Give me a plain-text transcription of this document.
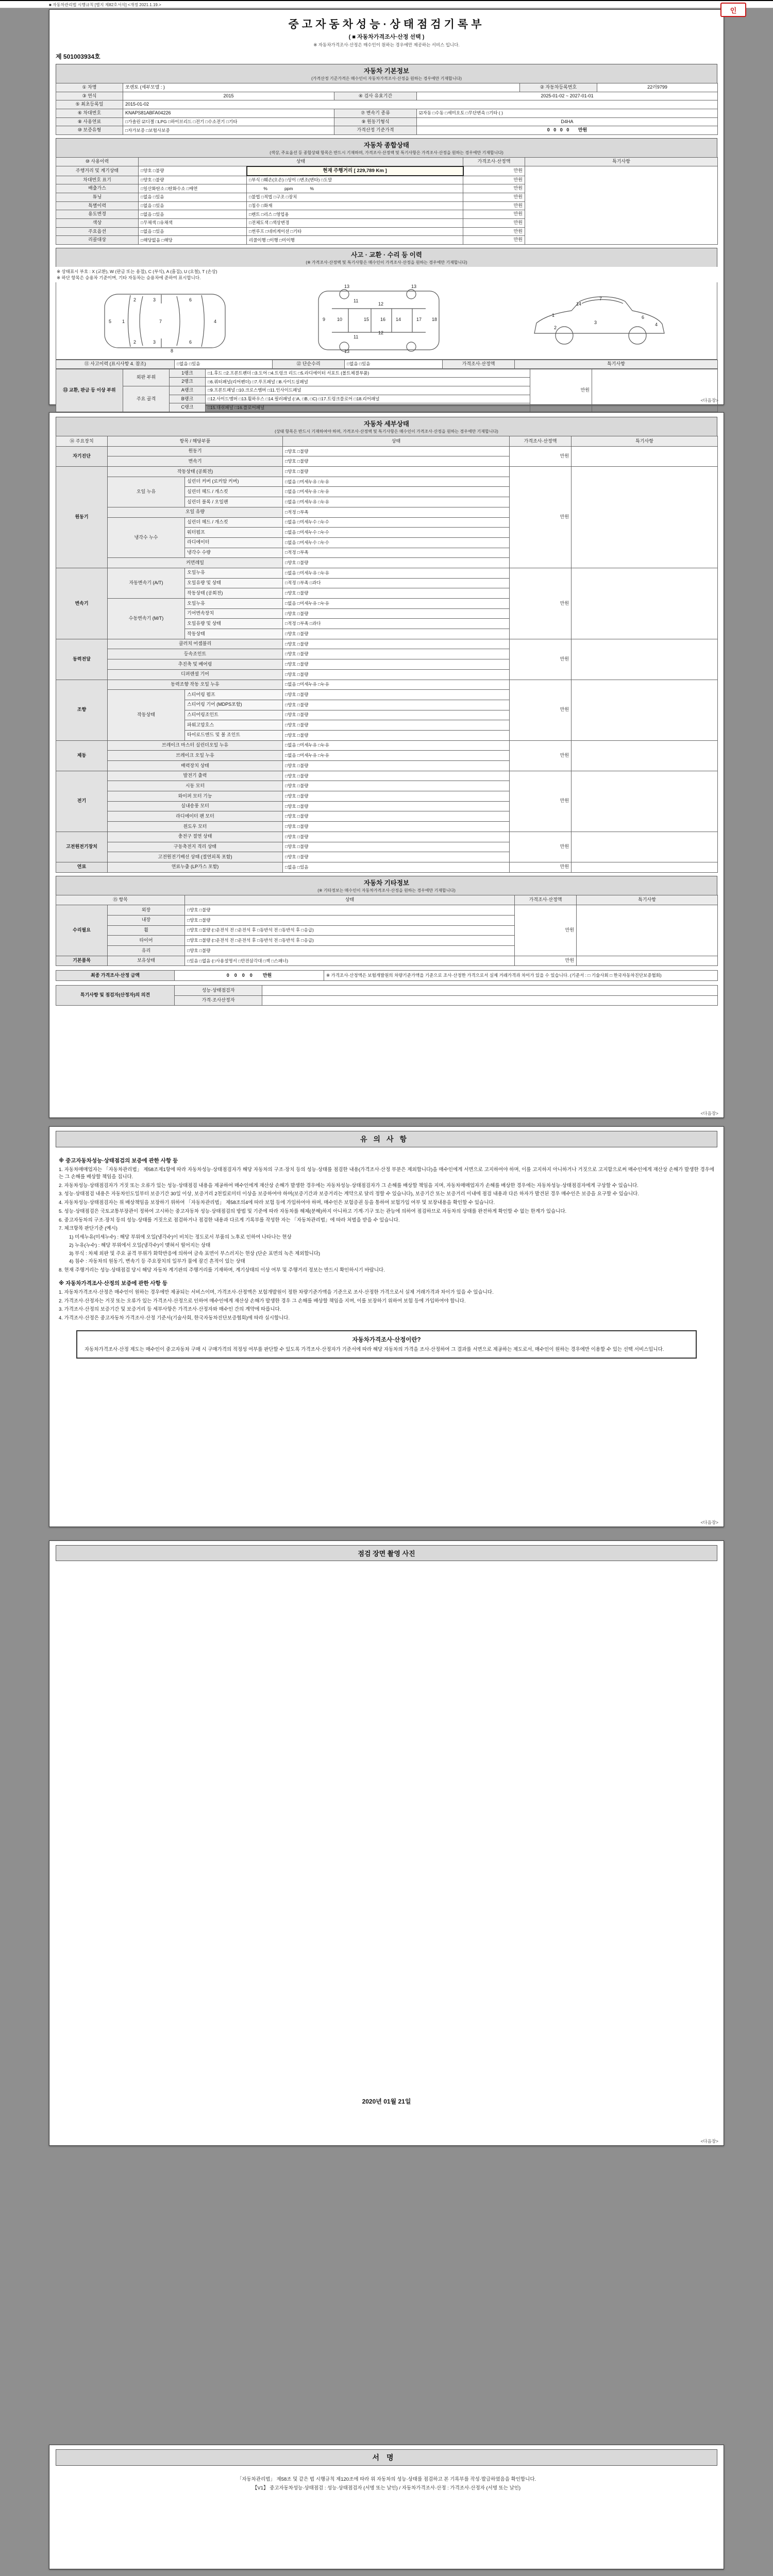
■ 자동차관리법 시행규칙 [별지 제82호서식] <개정 2021.1.19.>
인
중고자동차성능·상태점검기록부
( ■ 자동차가격조사·산정 선택 )
※ 자동차가격조사·산정은 매수인이 원하는 경우에만 제공하는 서비스 입니다.
제 501003934호
자동차 기본정보
(가격산정 기준가격은 매수인이 자동차가격조사·산정을 원하는 경우에만 기재합니다)
① 차명	쏘렌토 (세부모델 : )			② 자동차등록번호	22러9799
③ 연식	2015	④ 검사 유효기간	2025-01-02 ~ 2027-01-01		
⑤ 최초등록일	2015-01-02				
⑥ 차대번호	KNAPS81ABFA04226	⑦ 변속기 종류	☑자동 □수동 □세미오토 □무단변속 □기타 ( )		
⑧ 사용연료	□가솔린 ☑디젤 □LPG □하이브리드 □전기 □수소전기 □기타	⑨ 원동기형식	D4HA		
⑩ 보증유형	□자가보증 □보험사보증	가격산정 기준가격	0   0   0   0       만원		
자동차 종합상태
(색상, 주요옵션 등 종합상태 항목은 반드시 기재하며, 가격조사·산정액 및 특기사항은 가격조사·산정을 원하는 경우에만 기재합니다)
⑩ 사용이력	상태		가격조사·산정액	특기사항
주행거리 및 계기상태	□양호 □불량	현재 주행거리 [ 229,789 Km ]	만원	
차대번호 표기	□양호 □불량	□부식 □훼손(오손) □상이 □변조(변타) □도말	만원	
배출가스	□일산화탄소 □탄화수소 □매연	%              ppm              %	만원	
튜닝	□없음 □있음	□불법 □적법 □구조 □장치	만원	
특별이력	□없음 □있음	□침수 □화재	만원	
용도변경	□없음 □있음	□렌트 □리스 □영업용	만원	
색상	□무채색 □유채색	□전체도색 □색상변경	만원	
주요옵션	□없음 □있음	□썬루프 □네비게이션 □기타	만원	
리콜대상	□해당없음 □해당	리콜이행 □이행 □미이행	만원	
사고 · 교환 · 수리 등 이력
(※ 가격조사·산정액 및 특기사항은 매수인이 가격조사·산정을 원하는 경우에만 기재합니다)
※ 상태표시 부호 : X (교환), W (판금 또는 용접), C (부식), A (흠집), U (요철), T (손상)
※ 하단 항목은 승용차 기준이며, 기타 자동차는 승용차에 준하여 표시합니다.
5 1
2
2
3
3
7
6
6
8
4	9	10
11
11
15 16
13
13
13
12
12
14	17 18
1
14
7
3
6
2
4
⑪ 사고이력 (표시사항 4. 참조)	□없음 □있음	⑫ 단순수리	□없음 □있음	가격조사·산정액	특기사항
⑬ 교환, 판금 등 이상 부위	외판 부위	1랭크	□1.후드 □2.프론트펜더 □3.도어 □4.트렁크 리드 □5.라디에이터 서포트 (볼트체결부품)	만원	
		2랭크	□6.쿼터패널(리어펜더) □7.루프패널 □8.사이드실패널		
	주요 골격	A랭크	□9.프론트패널 □10.크로스멤버 □11.인사이드패널		
		B랭크	□12.사이드멤버 □13.휠하우스 □14.필러패널 (□A, □B, □C) □17.트렁크플로어 □18.리어패널		
		C랭크	□15.대쉬패널 □16.플로어패널		
<다음장>
자동차 세부상태
(상태 항목은 반드시 기재하여야 하며, 가격조사·산정액 및 특기사항은 매수인이 가격조사·산정을 원하는 경우에만 기재합니다)
⑭ 주요장치	항목 / 해당부품		상태	가격조사·산정액	특기사항
자기진단	원동기		□양호 □불량	만원	
	변속기		□양호 □불량		
원동기	작동상태 (공회전)		□양호 □불량	만원	
	오일 누유	실린더 커버 (로커암 커버)	□없음 □미세누유 □누유		
		실린더 헤드 / 개스킷	□없음 □미세누유 □누유		
		실린더 블록 / 오일팬	□없음 □미세누유 □누유		
	오일 유량		□적정 □부족		
	냉각수 누수	실린더 헤드 / 개스킷	□없음 □미세누수 □누수		
		워터펌프	□없음 □미세누수 □누수		
		라디에이터	□없음 □미세누수 □누수		
		냉각수 수량	□적정 □부족		
	커먼레일		□양호 □불량		
변속기	자동변속기 (A/T)	오일누유	□없음 □미세누유 □누유	만원	
		오일유량 및 상태	□적정 □부족 □과다		
		작동상태 (공회전)	□양호 □불량		
	수동변속기 (M/T)	오일누유	□없음 □미세누유 □누유		
		기어변속장치	□양호 □불량		
		오일유량 및 상태	□적정 □부족 □과다		
		작동상태	□양호 □불량		
동력전달	클러치 어셈블리		□양호 □불량	만원	
	등속조인트		□양호 □불량		
	추진축 및 베어링		□양호 □불량		
	디퍼렌셜 기어		□양호 □불량		
조향	동력조향 작동 오일 누유		□없음 □미세누유 □누유	만원	
	작동상태	스티어링 펌프	□양호 □불량		
		스티어링 기어 (MDPS포함)	□양호 □불량		
		스티어링조인트	□양호 □불량		
		파워고압호스	□양호 □불량		
		타이로드엔드 및 볼 조인트	□양호 □불량		
제동	브레이크 마스터 실린더오일 누유		□없음 □미세누유 □누유	만원	
	브레이크 오일 누유		□없음 □미세누유 □누유		
	배력장치 상태		□양호 □불량		
전기	발전기 출력		□양호 □불량	만원	
	시동 모터		□양호 □불량		
	와이퍼 모터 기능		□양호 □불량		
	실내송풍 모터		□양호 □불량		
	라디에이터 팬 모터		□양호 □불량		
	윈도우 모터		□양호 □불량		
고전원전기장치	충전구 절연 상태		□양호 □불량	만원	
	구동축전지 격리 상태		□양호 □불량		
	고전원전기배선 상태 (절연피복 포함)		□양호 □불량		
연료	연료누출 (LP가스 포함)		□없음 □있음	만원	
자동차 기타정보
(※ 기타정보는 매수인이 자동차가격조사·산정을 원하는 경우에만 기재합니다)
⑮ 항목		상태	가격조사·산정액	특기사항
수리필요	외장	□양호 □불량	만원	
	내장	□양호 □불량		
	휠	□양호 □불량 (□운전석 전 □운전석 후 □동반석 전 □동반석 후 □응급)		
	타이어	□양호 □불량 (□운전석 전 □운전석 후 □동반석 전 □동반석 후 □응급)		
	유리	□양호 □불량		
기본품목	보유상태	□있음 □없음 (□사용설명서 □안전삼각대 □잭 □스패너)	만원	
최종 가격조사·산정 금액	0    0    0    0        만원	※ 가격조사·산정액은 보험개발원의 차량기준가액을 기준으로 조사·산정한 가격으로서 실제 거래가격과 차이가 있을 수 있습니다. (기준서 : □ 기술사회 □ 한국자동차진단보증협회)
특기사항 및 점검자(산정자)의 의견	성능·상태점검자	
	가격·조사산정자	
<다음장>
유의사항
※ 중고자동차성능·상태점검의 보증에 관한 사항 등
1. 자동차매매업자는 「자동차관리법」 제58조제1항에 따라 자동차성능·상태점검자가 해당 자동차의 구조·장치 등의 성능·상태를 점검한 내용(가격조사·산정 부분은 제외합니다)을 매수인에게 서면으로 고지하여야 하며, 이를 고지하지 아니하거나 거짓으로 고지함으로써 매수인에게 재산상 손해가 발생한 경우에는 그 손해를 배상할 책임을 집니다.
2. 자동차성능·상태점검자가 거짓 또는 오류가 있는 성능·상태점검 내용을 제공하여 매수인에게 재산상 손해가 발생한 경우에는 자동차성능·상태점검자가 그 손해를 배상할 책임을 지며, 자동차매매업자가 손해를 배상한 경우에는 자동차성능·상태점검자에게 구상할 수 있습니다.
3. 성능·상태점검 내용은 자동차인도일부터 보증기간 30일 이상, 보증거리 2천킬로미터 이상을 보증하여야 하며(보증기간과 보증거리는 계약으로 달리 정할 수 있습니다), 보증기간 또는 보증거리 이내에 점검 내용과 다른 하자가 발견된 경우 매수인은 보증을 요구할 수 있습니다.
4. 자동차성능·상태점검자는 위 배상책임을 보장하기 위하여 「자동차관리법」 제58조의4에 따라 보험 등에 가입하여야 하며, 매수인은 보험증권 등을 통하여 보험가입 여부 및 보장내용을 확인할 수 있습니다.
5. 성능·상태점검은 국토교통부장관이 정하여 고시하는 중고자동차 성능·상태점검의 방법 및 기준에 따라 자동차를 해체(분해)하지 아니하고 기계·기구 또는 관능에 의하여 점검하므로 자동차의 상태를 완전하게 확인할 수 없는 한계가 있습니다.
6. 중고자동차의 구조·장치 등의 성능·상태를 거짓으로 점검하거나 점검한 내용과 다르게 기록부를 작성한 자는 「자동차관리법」에 따라 처벌을 받을 수 있습니다.
7. 체크항목 판단기준 (예시)
1) 미세누유(미세누수) : 해당 부위에 오일(냉각수)이 비치는 정도로서 부품의 노후로 인하여 나타나는 현상
2) 누유(누수) : 해당 부위에서 오일(냉각수)이 맺혀서 떨어지는 상태
3) 부식 : 차체 외판 및 주요 골격 부위가 화학반응에 의하여 금속 표면이 부스러지는 현상 (단순 표면의 녹은 제외합니다)
4) 침수 : 자동차의 원동기, 변속기 등 주요장치의 일부가 물에 잠긴 흔적이 있는 상태
8. 현재 주행거리는 성능·상태점검 당시 해당 자동차 계기판의 주행거리를 기재하며, 계기상태의 이상 여부 및 주행거리 정보는 반드시 확인하시기 바랍니다.
※ 자동차가격조사·산정의 보증에 관한 사항 등
1. 자동차가격조사·산정은 매수인이 원하는 경우에만 제공되는 서비스이며, 가격조사·산정액은 보험개발원이 정한 차량기준가액을 기준으로 조사·산정한 가격으로서 실제 거래가격과 차이가 있을 수 있습니다.
2. 가격조사·산정자는 거짓 또는 오류가 있는 가격조사·산정으로 인하여 매수인에게 재산상 손해가 발생한 경우 그 손해를 배상할 책임을 지며, 이를 보장하기 위하여 보험 등에 가입하여야 합니다.
3. 가격조사·산정의 보증기간 및 보증거리 등 세부사항은 가격조사·산정자와 매수인 간의 계약에 따릅니다.
4. 가격조사·산정은 중고자동차 가격조사·산정 기준서(기술사회, 한국자동차진단보증협회)에 따라 실시합니다.
자동차가격조사·산정이란?
자동차가격조사·산정 제도는 매수인이 중고자동차 구매 시 구매가격의 적정성 여부를 판단할 수 있도록 가격조사·산정자가 기준서에 따라 해당 자동차의 가격을 조사·산정하여 그 결과를 서면으로 제공하는 제도로서, 매수인이 원하는 경우에만 이용할 수 있는 선택 서비스입니다.
<다음장>
점검 장면 촬영 사진
2020년 01월 21일
<다음장>
서명
「자동차관리법」 제58조 및 같은 법 시행규칙 제120조에 따라 위 자동차의 성능·상태를 점검하고 본 기록부를 작성·발급하였음을 확인합니다.
【V1】 중고자동차성능·상태점검 : 성능·상태점검자 (서명 또는 날인) / 자동차가격조사·산정 : 가격조사·산정자 (서명 또는 날인)
